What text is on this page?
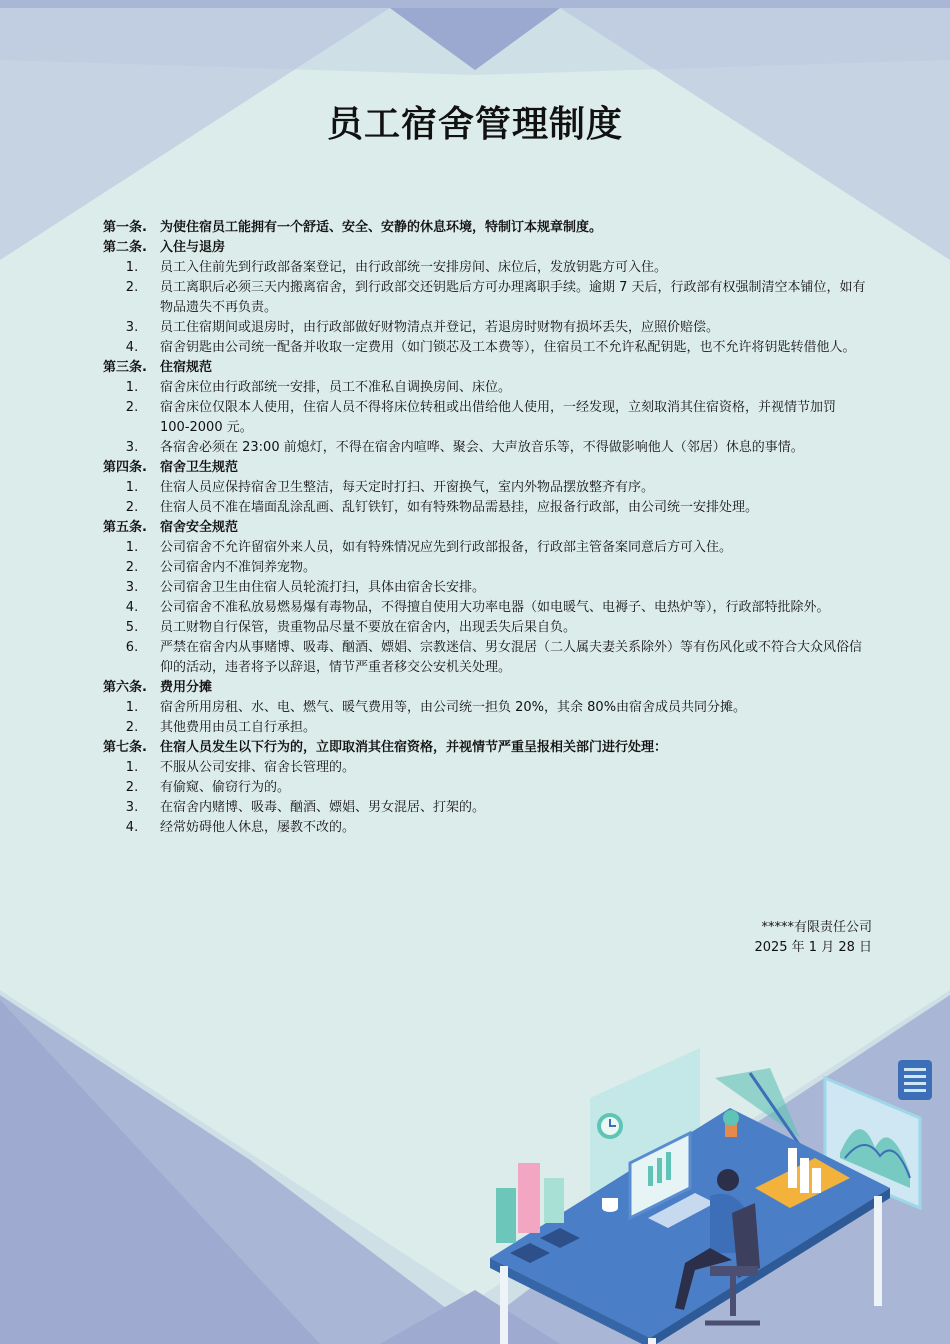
员工宿舍管理制度
第一条.	为使住宿员工能拥有一个舒适、安全、安静的休息环境，特制订本规章制度。
第二条.	入住与退房
1 .	员工入住前先到行政部备案登记，由行政部统一安排房间、床位后，发放钥匙方可入住。
2 .	员工离职后必须三天内搬离宿舍，到行政部交还钥匙后方可办理离职手续。逾期 7 天后，行政部有权强制清空本铺位，如有物品遗失不再负责。
3 .	员工住宿期间或退房时，由行政部做好财物清点并登记，若退房时财物有损坏丢失，应照价赔偿。
4 .	宿舍钥匙由公司统一配备并收取一定费用（如门锁芯及工本费等），住宿员工不允许私配钥匙，也不允许将钥匙转借他人。
第三条.	住宿规范
1 .	宿舍床位由行政部统一安排，员工不准私自调换房间、床位。
2 .	宿舍床位仅限本人使用，住宿人员不得将床位转租或出借给他人使用，一经发现，立刻取消其住宿资格，并视情节加罚 100-2000 元。
3 .	各宿舍必须在 23:00 前熄灯，不得在宿舍内喧哗、聚会、大声放音乐等，不得做影响他人（邻居）休息的事情。
第四条.	宿舍卫生规范
1 .	住宿人员应保持宿舍卫生整洁，每天定时打扫、开窗换气，室内外物品摆放整齐有序。
2 .	住宿人员不准在墙面乱涂乱画、乱钉铁钉，如有特殊物品需悬挂，应报备行政部，由公司统一安排处理。
第五条.	宿舍安全规范
1 .	公司宿舍不允许留宿外来人员，如有特殊情况应先到行政部报备，行政部主管备案同意后方可入住。
2 .	公司宿舍内不准饲养宠物。
3 .	公司宿舍卫生由住宿人员轮流打扫，具体由宿舍长安排。
4 .	公司宿舍不准私放易燃易爆有毒物品，不得擅自使用大功率电器（如电暖气、电褥子、电热炉等），行政部特批除外。
5 .	员工财物自行保管，贵重物品尽量不要放在宿舍内，出现丢失后果自负。
6 .	严禁在宿舍内从事赌博、吸毒、酗酒、嫖娼、宗教迷信、男女混居（二人属夫妻关系除外）等有伤风化或不符合大众风俗信仰的活动，违者将予以辞退，情节严重者移交公安机关处理。
第六条.	费用分摊
1 .	宿舍所用房租、水、电、燃气、暖气费用等，由公司统一担负 20%，其余 80%由宿舍成员共同分摊。
2 .	其他费用由员工自行承担。
第七条.	住宿人员发生以下行为的，立即取消其住宿资格，并视情节严重呈报相关部门进行处理：
1 .	不服从公司安排、宿舍长管理的。
2 .	有偷窥、偷窃行为的。
3 .	在宿舍内赌博、吸毒、酗酒、嫖娼、男女混居、打架的。
4 .	经常妨碍他人休息，屡教不改的。
*****有限责任公司
2025 年 1 月 28 日
